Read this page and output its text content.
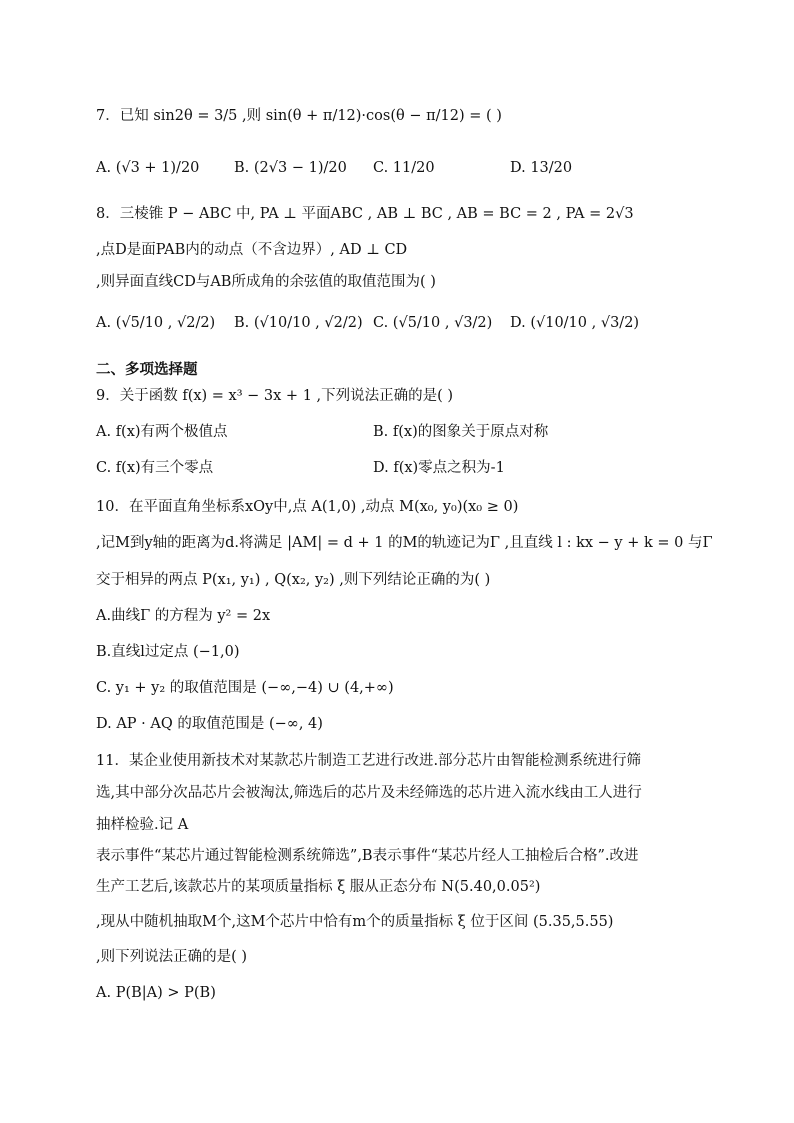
7．已知 sin2θ = 3/5 ,则 sin(θ + π/12)·cos(θ − π/12) = ( )
A. (√3 + 1)/20 B. (2√3 − 1)/20 C. 11/20	D. 13/20
8．三棱锥 P − ABC 中, PA ⊥ 平面ABC , AB ⊥ BC , AB = BC = 2 , PA = 2√3
,点D是面PAB内的动点（不含边界）, AD ⊥ CD
,则异面直线CD与AB所成角的余弦值的取值范围为( )
A. (√5/10 , √2/2) B. (√10/10 , √2/2) C. (√5/10 , √3/2) D. (√10/10 , √3/2)
二、多项选择题
9．关于函数 f(x) = x³ − 3x + 1 ,下列说法正确的是( )
A. f(x)有两个极值点	B. f(x)的图象关于原点对称
C. f(x)有三个零点	D. f(x)零点之积为-1
10．在平面直角坐标系xOy中,点 A(1,0) ,动点 M(x₀, y₀)(x₀ ≥ 0)
,记M到y轴的距离为d.将满足 |AM| = d + 1 的M的轨迹记为Γ ,且直线 l : kx − y + k = 0 与Γ
交于相异的两点 P(x₁, y₁) , Q(x₂, y₂) ,则下列结论正确的为( )
A.曲线Γ 的方程为 y² = 2x
B.直线l过定点 (−1,0)
C. y₁ + y₂ 的取值范围是 (−∞,−4) ∪ (4,+∞)
D. AP · AQ 的取值范围是 (−∞, 4)
11．某企业使用新技术对某款芯片制造工艺进行改进.部分芯片由智能检测系统进行筛
选,其中部分次品芯片会被淘汰,筛选后的芯片及未经筛选的芯片进入流水线由工人进行
抽样检验.记 A
表示事件“某芯片通过智能检测系统筛选”,B表示事件“某芯片经人工抽检后合格”.改进
生产工艺后,该款芯片的某项质量指标 ξ 服从正态分布 N(5.40,0.05²)
,现从中随机抽取M个,这M个芯片中恰有m个的质量指标 ξ 位于区间 (5.35,5.55)
,则下列说法正确的是( )
A. P(B|A) > P(B)
